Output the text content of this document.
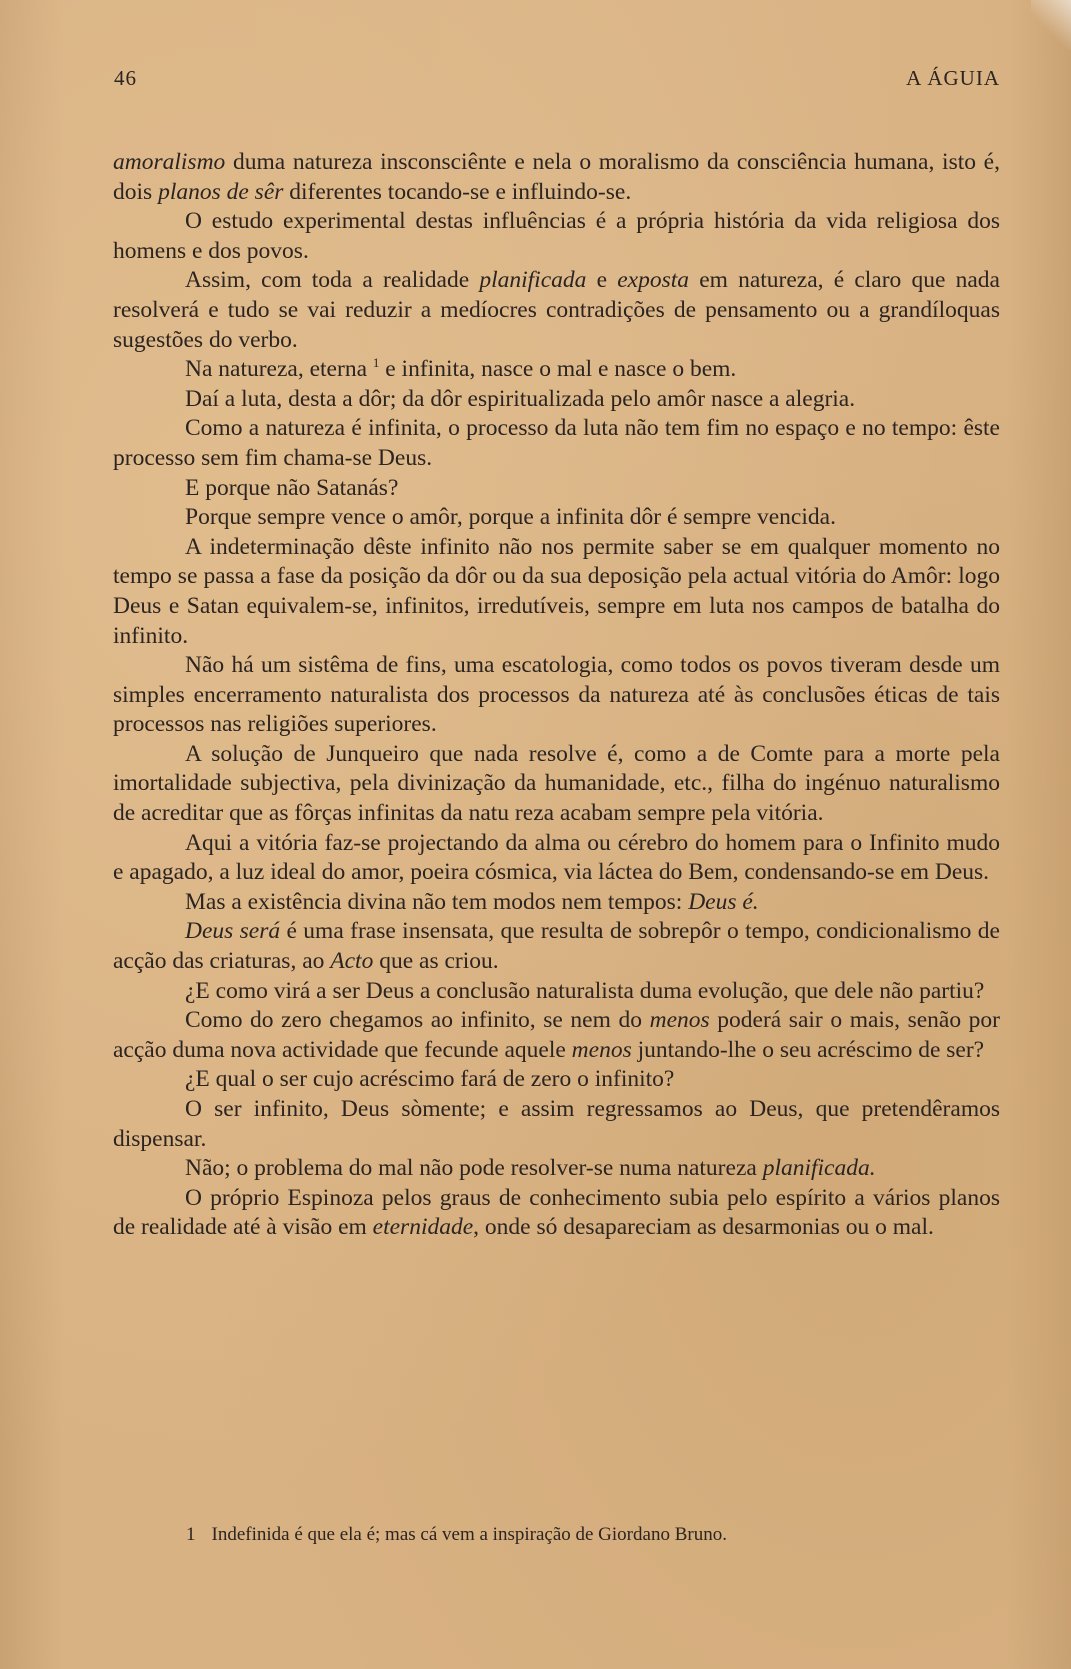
46	A ÁGUIA

amoralismo duma natureza insconsciênte e nela o moralismo da consciência humana, isto é, dois planos de sêr diferentes tocando-se e influindo-se.

O estudo experimental destas influências é a própria história da vida religiosa dos homens e dos povos.

Assim, com toda a realidade planificada e exposta em natureza, é claro que nada resolverá e tudo se vai reduzir a medíocres contradições de pensamento ou a grandíloquas sugestões do verbo.

Na natureza, eterna $^1$ e infinita, nasce o mal e nasce o bem.

Daí a luta, desta a dôr; da dôr espiritualizada pelo amôr nasce a alegria.

Como a natureza é infinita, o processo da luta não tem fim no espaço e no tempo: êste processo sem fim chama-se Deus.

E porque não Satanás?

Porque sempre vence o amôr, porque a infinita dôr é sempre vencida.

A indeterminação dêste infinito não nos permite saber se em qualquer momento no tempo se passa a fase da posição da dôr ou da sua deposição pela actual vitória do Amôr: logo Deus e Satan equivalem-se, infinitos, irredutíveis, sempre em luta nos campos de batalha do infinito.

Não há um sistêma de fins, uma escatologia, como todos os povos tiveram desde um simples encerramento naturalista dos processos da natureza até às conclusões éticas de tais processos nas religiões superiores.

A solução de Junqueiro que nada resolve é, como a de Comte para a morte pela imortalidade subjectiva, pela divinização da humanidade, etc., filha do ingénuo naturalismo de acreditar que as fôrças infinitas da natu reza acabam sempre pela vitória.

Aqui a vitória faz-se projectando da alma ou cérebro do homem para o Infinito mudo e apagado, a luz ideal do amor, poeira cósmica, via láctea do Bem, condensando-se em Deus.

Mas a existência divina não tem modos nem tempos: Deus é.

Deus será é uma frase insensata, que resulta de sobrepôr o tempo, condicionalismo de acção das criaturas, ao Acto que as criou.

¿E como virá a ser Deus a conclusão naturalista duma evolução, que dele não partiu?

Como do zero chegamos ao infinito, se nem do menos poderá sair o mais, senão por acção duma nova actividade que fecunde aquele menos juntando-lhe o seu acréscimo de ser?

¿E qual o ser cujo acréscimo fará de zero o infinito?

O ser infinito, Deus sòmente; e assim regressamos ao Deus, que pretendêramos dispensar.

Não; o problema do mal não pode resolver-se numa natureza planificada.

O próprio Espinoza pelos graus de conhecimento subia pelo espírito a vários planos de realidade até à visão em eternidade, onde só desapareciam as desarmonias ou o mal.

1 Indefinida é que ela é; mas cá vem a inspiração de Giordano Bruno.
